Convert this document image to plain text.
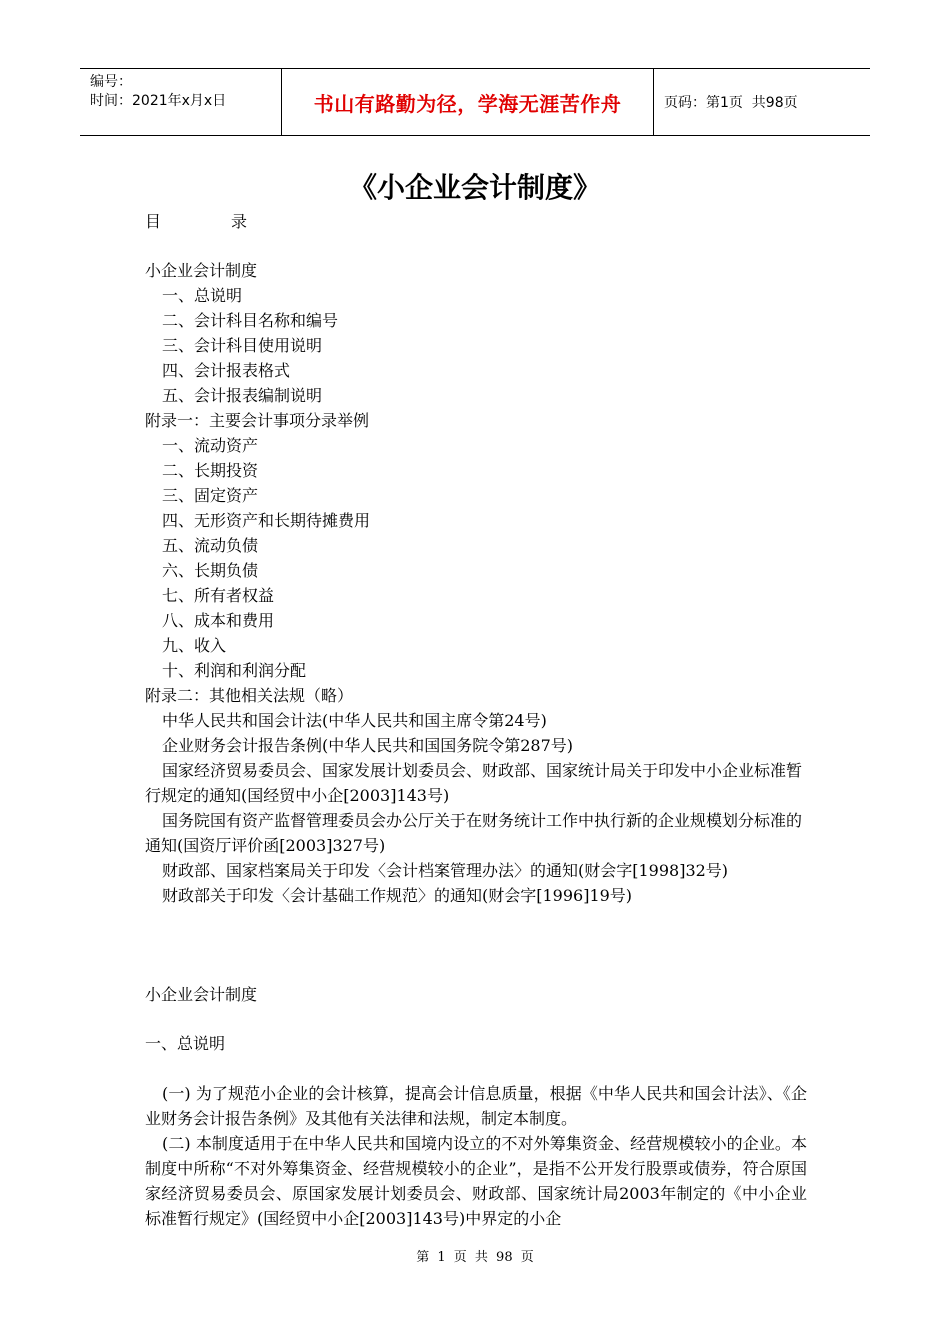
编号：
时间：2021年x月x日	书山有路勤为径，学海无涯苦作舟	页码：第1页  共98页
《小企业会计制度》
目	录
小企业会计制度
一、总说明
二、会计科目名称和编号
三、会计科目使用说明
四、会计报表格式
五、会计报表编制说明
附录一：主要会计事项分录举例
一、流动资产
二、长期投资
三、固定资产
四、无形资产和长期待摊费用
五、流动负债
六、长期负债
七、所有者权益
八、成本和费用
九、收入
十、利润和利润分配
附录二：其他相关法规（略）
中华人民共和国会计法(中华人民共和国主席令第24号)
企业财务会计报告条例(中华人民共和国国务院令第287号)
国家经济贸易委员会、国家发展计划委员会、财政部、国家统计局关于印发中小企业标准暂行规定的通知(国经贸中小企[2003]143号)
国务院国有资产监督管理委员会办公厅关于在财务统计工作中执行新的企业规模划分标准的通知(国资厅评价函[2003]327号)
财政部、国家档案局关于印发〈会计档案管理办法〉的通知(财会字[1998]32号)
财政部关于印发〈会计基础工作规范〉的通知(财会字[1996]19号)
小企业会计制度
一、总说明
(一) 为了规范小企业的会计核算，提高会计信息质量，根据《中华人民共和国会计法》、《企业财务会计报告条例》及其他有关法律和法规，制定本制度。
(二) 本制度适用于在中华人民共和国境内设立的不对外筹集资金、经营规模较小的企业。本制度中所称“不对外筹集资金、经营规模较小的企业”，是指不公开发行股票或债券，符合原国家经济贸易委员会、原国家发展计划委员会、财政部、国家统计局2003年制定的《中小企业标准暂行规定》(国经贸中小企[2003]143号)中界定的小企
第 1 页 共 98 页
